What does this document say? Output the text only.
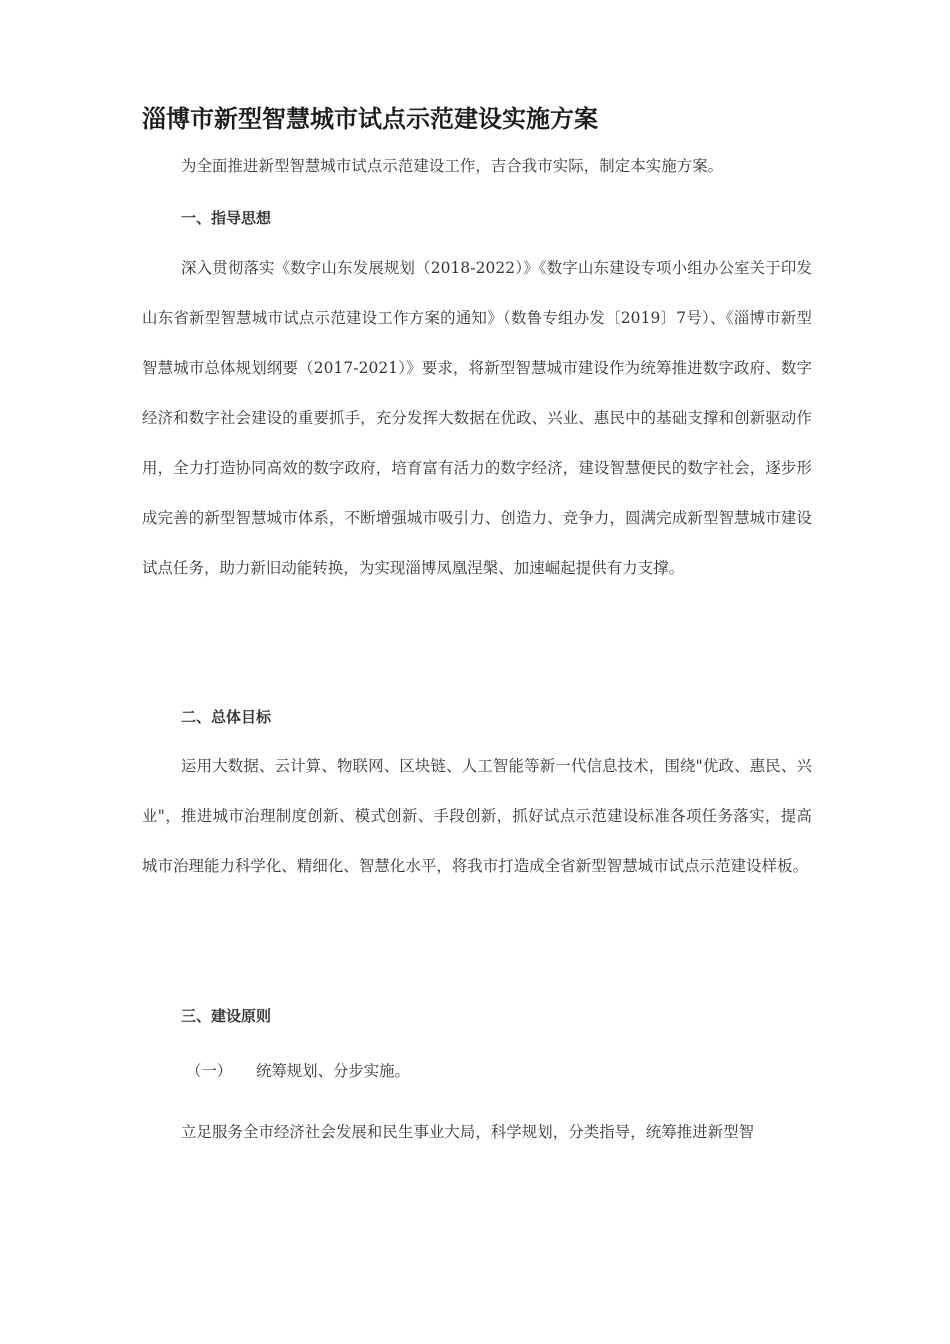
淄博市新型智慧城市试点示范建设实施方案

为全面推进新型智慧城市试点示范建设工作，吉合我市实际，制定本实施方案。

一、指导思想

深入贯彻落实《数字山东发展规划（2018-2022）》《数字山东建设专项小组办公室关于印发山东省新型智慧城市试点示范建设工作方案的通知》（数鲁专组办发〔2019〕7号）、《淄博市新型智慧城市总体规划纲要（2017-2021）》要求，将新型智慧城市建设作为统筹推进数字政府、数字经济和数字社会建设的重要抓手，充分发挥大数据在优政、兴业、惠民中的基础支撑和创新驱动作用，全力打造协同高效的数字政府，培育富有活力的数字经济，建设智慧便民的数字社会，逐步形成完善的新型智慧城市体系，不断增强城市吸引力、创造力、竞争力，圆满完成新型智慧城市建设试点任务，助力新旧动能转换，为实现淄博凤凰涅槃、加速崛起提供有力支撑。

二、总体目标

运用大数据、云计算、物联网、区块链、人工智能等新一代信息技术，围绕"优政、惠民、兴业"，推进城市治理制度创新、模式创新、手段创新，抓好试点示范建设标准各项任务落实，提高城市治理能力科学化、精细化、智慧化水平，将我市打造成全省新型智慧城市试点示范建设样板。

三、建设原则
（一） 统筹规划、分步实施。

立足服务全市经济社会发展和民生事业大局，科学规划，分类指导，统筹推进新型智
